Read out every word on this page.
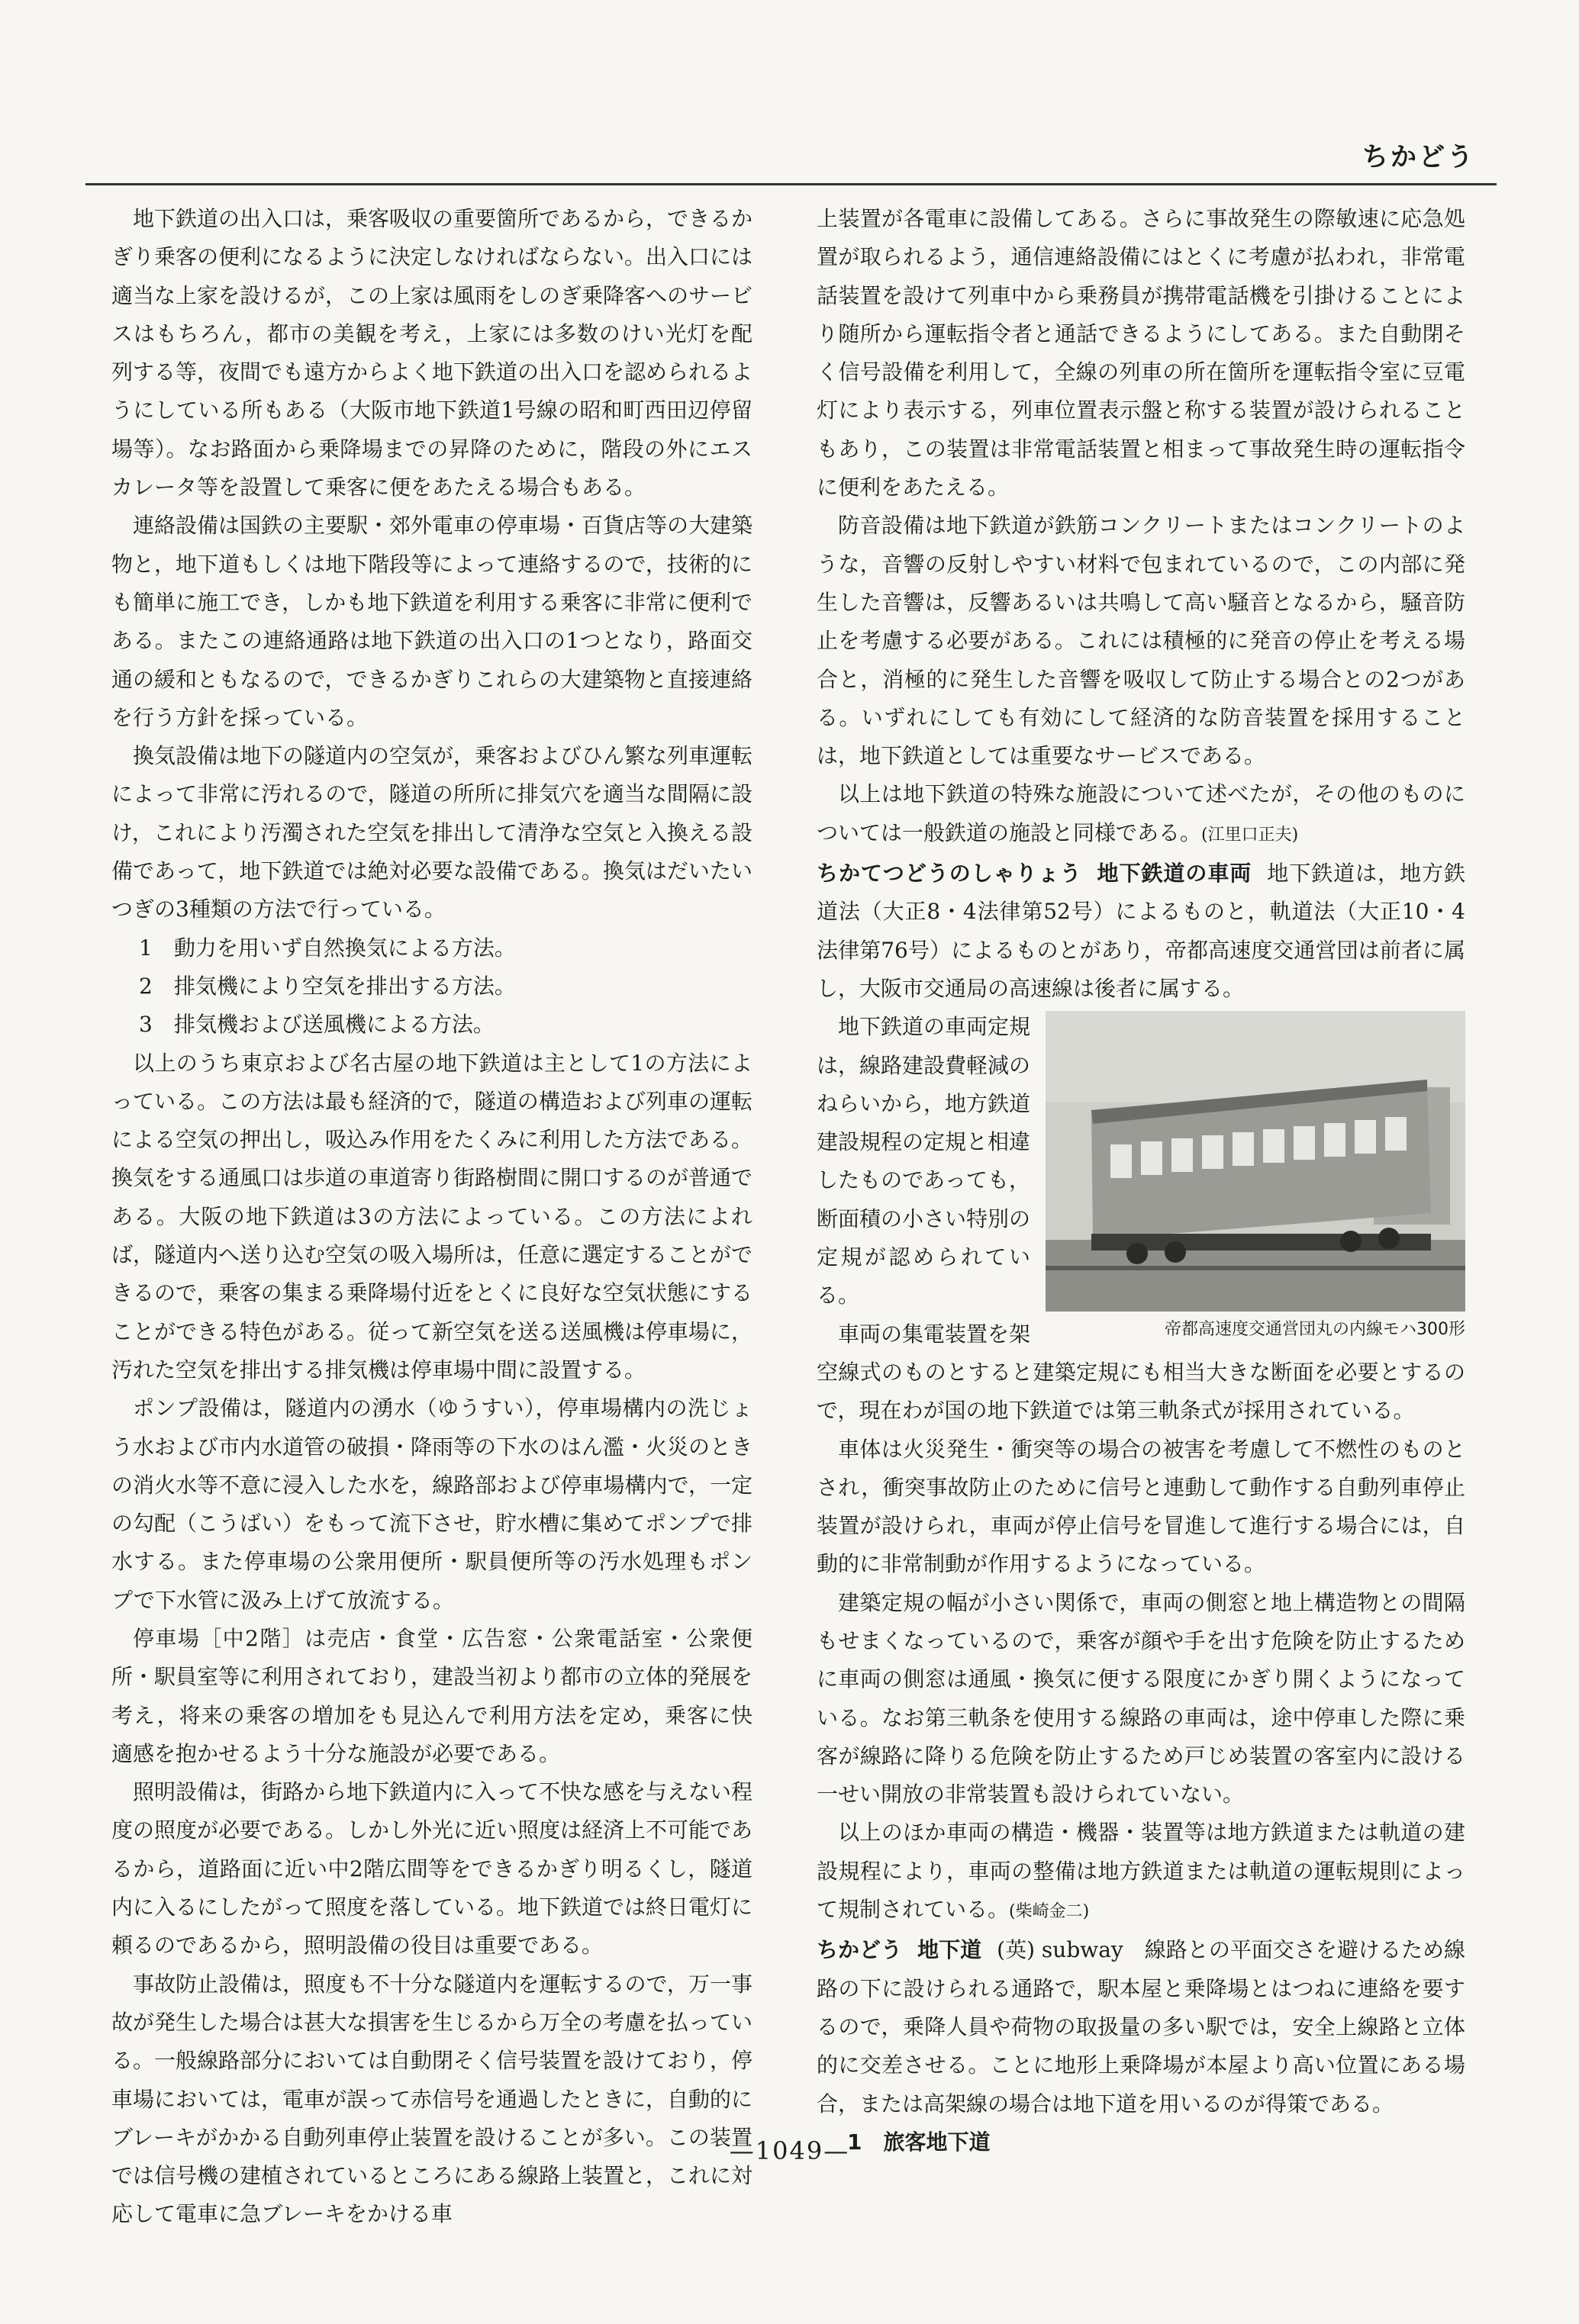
ちかどう

地下鉄道の出入口は，乗客吸収の重要箇所であるから，できるかぎり乗客の便利になるように決定しなければならない。出入口には適当な上家を設けるが，この上家は風雨をしのぎ乗降客へのサービスはもちろん，都市の美観を考え，上家には多数のけい光灯を配列する等，夜間でも遠方からよく地下鉄道の出入口を認められるようにしている所もある（大阪市地下鉄道1号線の昭和町西田辺停留場等）。なお路面から乗降場までの昇降のために，階段の外にエスカレータ等を設置して乗客に便をあたえる場合もある。

連絡設備は国鉄の主要駅・郊外電車の停車場・百貨店等の大建築物と，地下道もしくは地下階段等によって連絡するので，技術的にも簡単に施工でき，しかも地下鉄道を利用する乗客に非常に便利である。またこの連絡通路は地下鉄道の出入口の1つとなり，路面交通の緩和ともなるので，できるかぎりこれらの大建築物と直接連絡を行う方針を採っている。

換気設備は地下の隧道内の空気が，乗客およびひん繁な列車運転によって非常に汚れるので，隧道の所所に排気穴を適当な間隔に設け，これにより汚濁された空気を排出して清浄な空気と入換える設備であって，地下鉄道では絶対必要な設備である。換気はだいたいつぎの3種類の方法で行っている。

1　動力を用いず自然換気による方法。

2　排気機により空気を排出する方法。

3　排気機および送風機による方法。

以上のうち東京および名古屋の地下鉄道は主として1の方法によっている。この方法は最も経済的で，隧道の構造および列車の運転による空気の押出し，吸込み作用をたくみに利用した方法である。換気をする通風口は歩道の車道寄り街路樹間に開口するのが普通である。大阪の地下鉄道は3の方法によっている。この方法によれば，隧道内へ送り込む空気の吸入場所は，任意に選定することができるので，乗客の集まる乗降場付近をとくに良好な空気状態にすることができる特色がある。従って新空気を送る送風機は停車場に，汚れた空気を排出する排気機は停車場中間に設置する。

ポンプ設備は，隧道内の湧水（ゆうすい），停車場構内の洗じょう水および市内水道管の破損・降雨等の下水のはん濫・火災のときの消火水等不意に浸入した水を，線路部および停車場構内で，一定の勾配（こうばい）をもって流下させ，貯水槽に集めてポンプで排水する。また停車場の公衆用便所・駅員便所等の汚水処理もポンプで下水管に汲み上げて放流する。

停車場［中2階］は売店・食堂・広告窓・公衆電話室・公衆便所・駅員室等に利用されており，建設当初より都市の立体的発展を考え，将来の乗客の増加をも見込んで利用方法を定め，乗客に快適感を抱かせるよう十分な施設が必要である。

照明設備は，街路から地下鉄道内に入って不快な感を与えない程度の照度が必要である。しかし外光に近い照度は経済上不可能であるから，道路面に近い中2階広間等をできるかぎり明るくし，隧道内に入るにしたがって照度を落している。地下鉄道では終日電灯に頼るのであるから，照明設備の役目は重要である。

事故防止設備は，照度も不十分な隧道内を運転するので，万一事故が発生した場合は甚大な損害を生じるから万全の考慮を払っている。一般線路部分においては自動閉そく信号装置を設けており，停車場においては，電車が誤って赤信号を通過したときに，自動的にブレーキがかかる自動列車停止装置を設けることが多い。この装置では信号機の建植されているところにある線路上装置と，これに対応して電車に急ブレーキをかける車

上装置が各電車に設備してある。さらに事故発生の際敏速に応急処置が取られるよう，通信連絡設備にはとくに考慮が払われ，非常電話装置を設けて列車中から乗務員が携帯電話機を引掛けることにより随所から運転指令者と通話できるようにしてある。また自動閉そく信号設備を利用して，全線の列車の所在箇所を運転指令室に豆電灯により表示する，列車位置表示盤と称する装置が設けられることもあり，この装置は非常電話装置と相まって事故発生時の運転指令に便利をあたえる。

防音設備は地下鉄道が鉄筋コンクリートまたはコンクリートのような，音響の反射しやすい材料で包まれているので，この内部に発生した音響は，反響あるいは共鳴して高い騒音となるから，騒音防止を考慮する必要がある。これには積極的に発音の停止を考える場合と，消極的に発生した音響を吸収して防止する場合との2つがある。いずれにしても有効にして経済的な防音装置を採用することは，地下鉄道としては重要なサービスである。

以上は地下鉄道の特殊な施設について述べたが，その他のものについては一般鉄道の施設と同様である。(江里口正夫)

ちかてつどうのしゃりょう 地下鉄道の車両 地下鉄道は，地方鉄道法（大正8・4法律第52号）によるものと，軌道法（大正10・4法律第76号）によるものとがあり，帝都高速度交通営団は前者に属し，大阪市交通局の高速線は後者に属する。

帝都高速度交通営団丸の内線モハ300形

地下鉄道の車両定規は，線路建設費軽減のねらいから，地方鉄道建設規程の定規と相違したものであっても，断面積の小さい特別の定規が認められている。

車両の集電装置を架空線式のものとすると建築定規にも相当大きな断面を必要とするので，現在わが国の地下鉄道では第三軌条式が採用されている。

車体は火災発生・衝突等の場合の被害を考慮して不燃性のものとされ，衝突事故防止のために信号と連動して動作する自動列車停止装置が設けられ，車両が停止信号を冒進して進行する場合には，自動的に非常制動が作用するようになっている。

建築定規の幅が小さい関係で，車両の側窓と地上構造物との間隔もせまくなっているので，乗客が顔や手を出す危険を防止するために車両の側窓は通風・換気に便する限度にかぎり開くようになっている。なお第三軌条を使用する線路の車両は，途中停車した際に乗客が線路に降りる危険を防止するため戸じめ装置の客室内に設ける一せい開放の非常装置も設けられていない。

以上のほか車両の構造・機器・装置等は地方鉄道または軌道の建設規程により，車両の整備は地方鉄道または軌道の運転規則によって規制されている。(柴崎金二)

ちかどう 地下道 (英) subway　線路との平面交さを避けるため線路の下に設けられる通路で，駅本屋と乗降場とはつねに連絡を要するので，乗降人員や荷物の取扱量の多い駅では，安全上線路と立体的に交差させる。ことに地形上乗降場が本屋より高い位置にある場合，または高架線の場合は地下道を用いるのが得策である。

1　旅客地下道

—1049—
